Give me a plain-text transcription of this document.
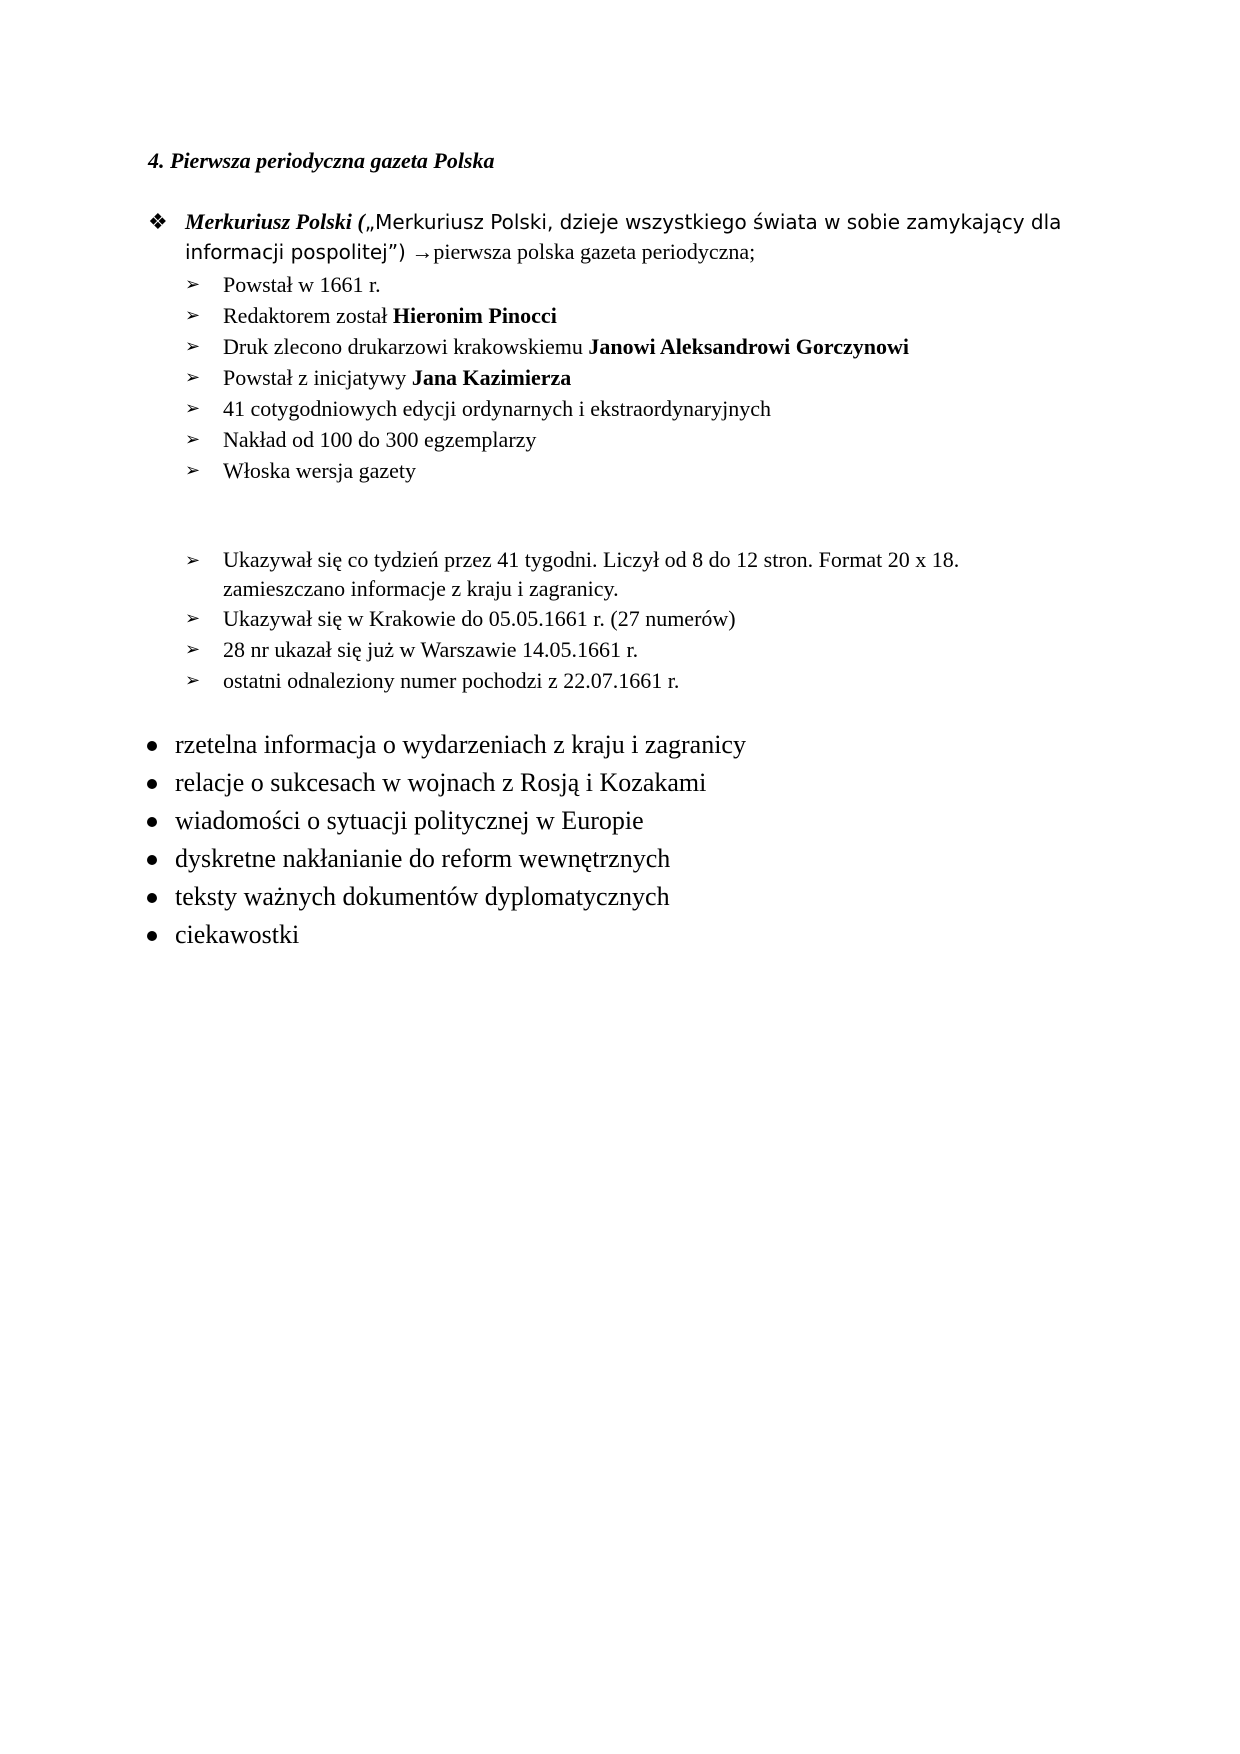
4. Pierwsza periodyczna gazeta Polska
❖ Merkuriusz Polski („Merkuriusz Polski, dzieje wszystkiego świata w sobie zamykający dla informacji pospolitej”) →pierwsza polska gazeta periodyczna;
➢	Powstał w 1661 r.
➢	Redaktorem został Hieronim Pinocci
➢	Druk zlecono drukarzowi krakowskiemu Janowi Aleksandrowi Gorczynowi
➢	Powstał z inicjatywy Jana Kazimierza
➢	41 cotygodniowych edycji ordynarnych i ekstraordynaryjnych
➢	Nakład od 100 do 300 egzemplarzy
➢	Włoska wersja gazety
➢	Ukazywał się co tydzień przez 41 tygodni. Liczył od 8 do 12 stron. Format 20 x 18. zamieszczano informacje z kraju i zagranicy.
➢	Ukazywał się w Krakowie do 05.05.1661 r. (27 numerów)
➢	28 nr ukazał się już w Warszawie 14.05.1661 r.
➢	ostatni odnaleziony numer pochodzi z 22.07.1661 r.
rzetelna informacja o wydarzeniach z kraju i zagranicy
relacje o sukcesach w wojnach z Rosją i Kozakami
wiadomości o sytuacji politycznej w Europie
dyskretne nakłanianie do reform wewnętrznych
teksty ważnych dokumentów dyplomatycznych
ciekawostki
